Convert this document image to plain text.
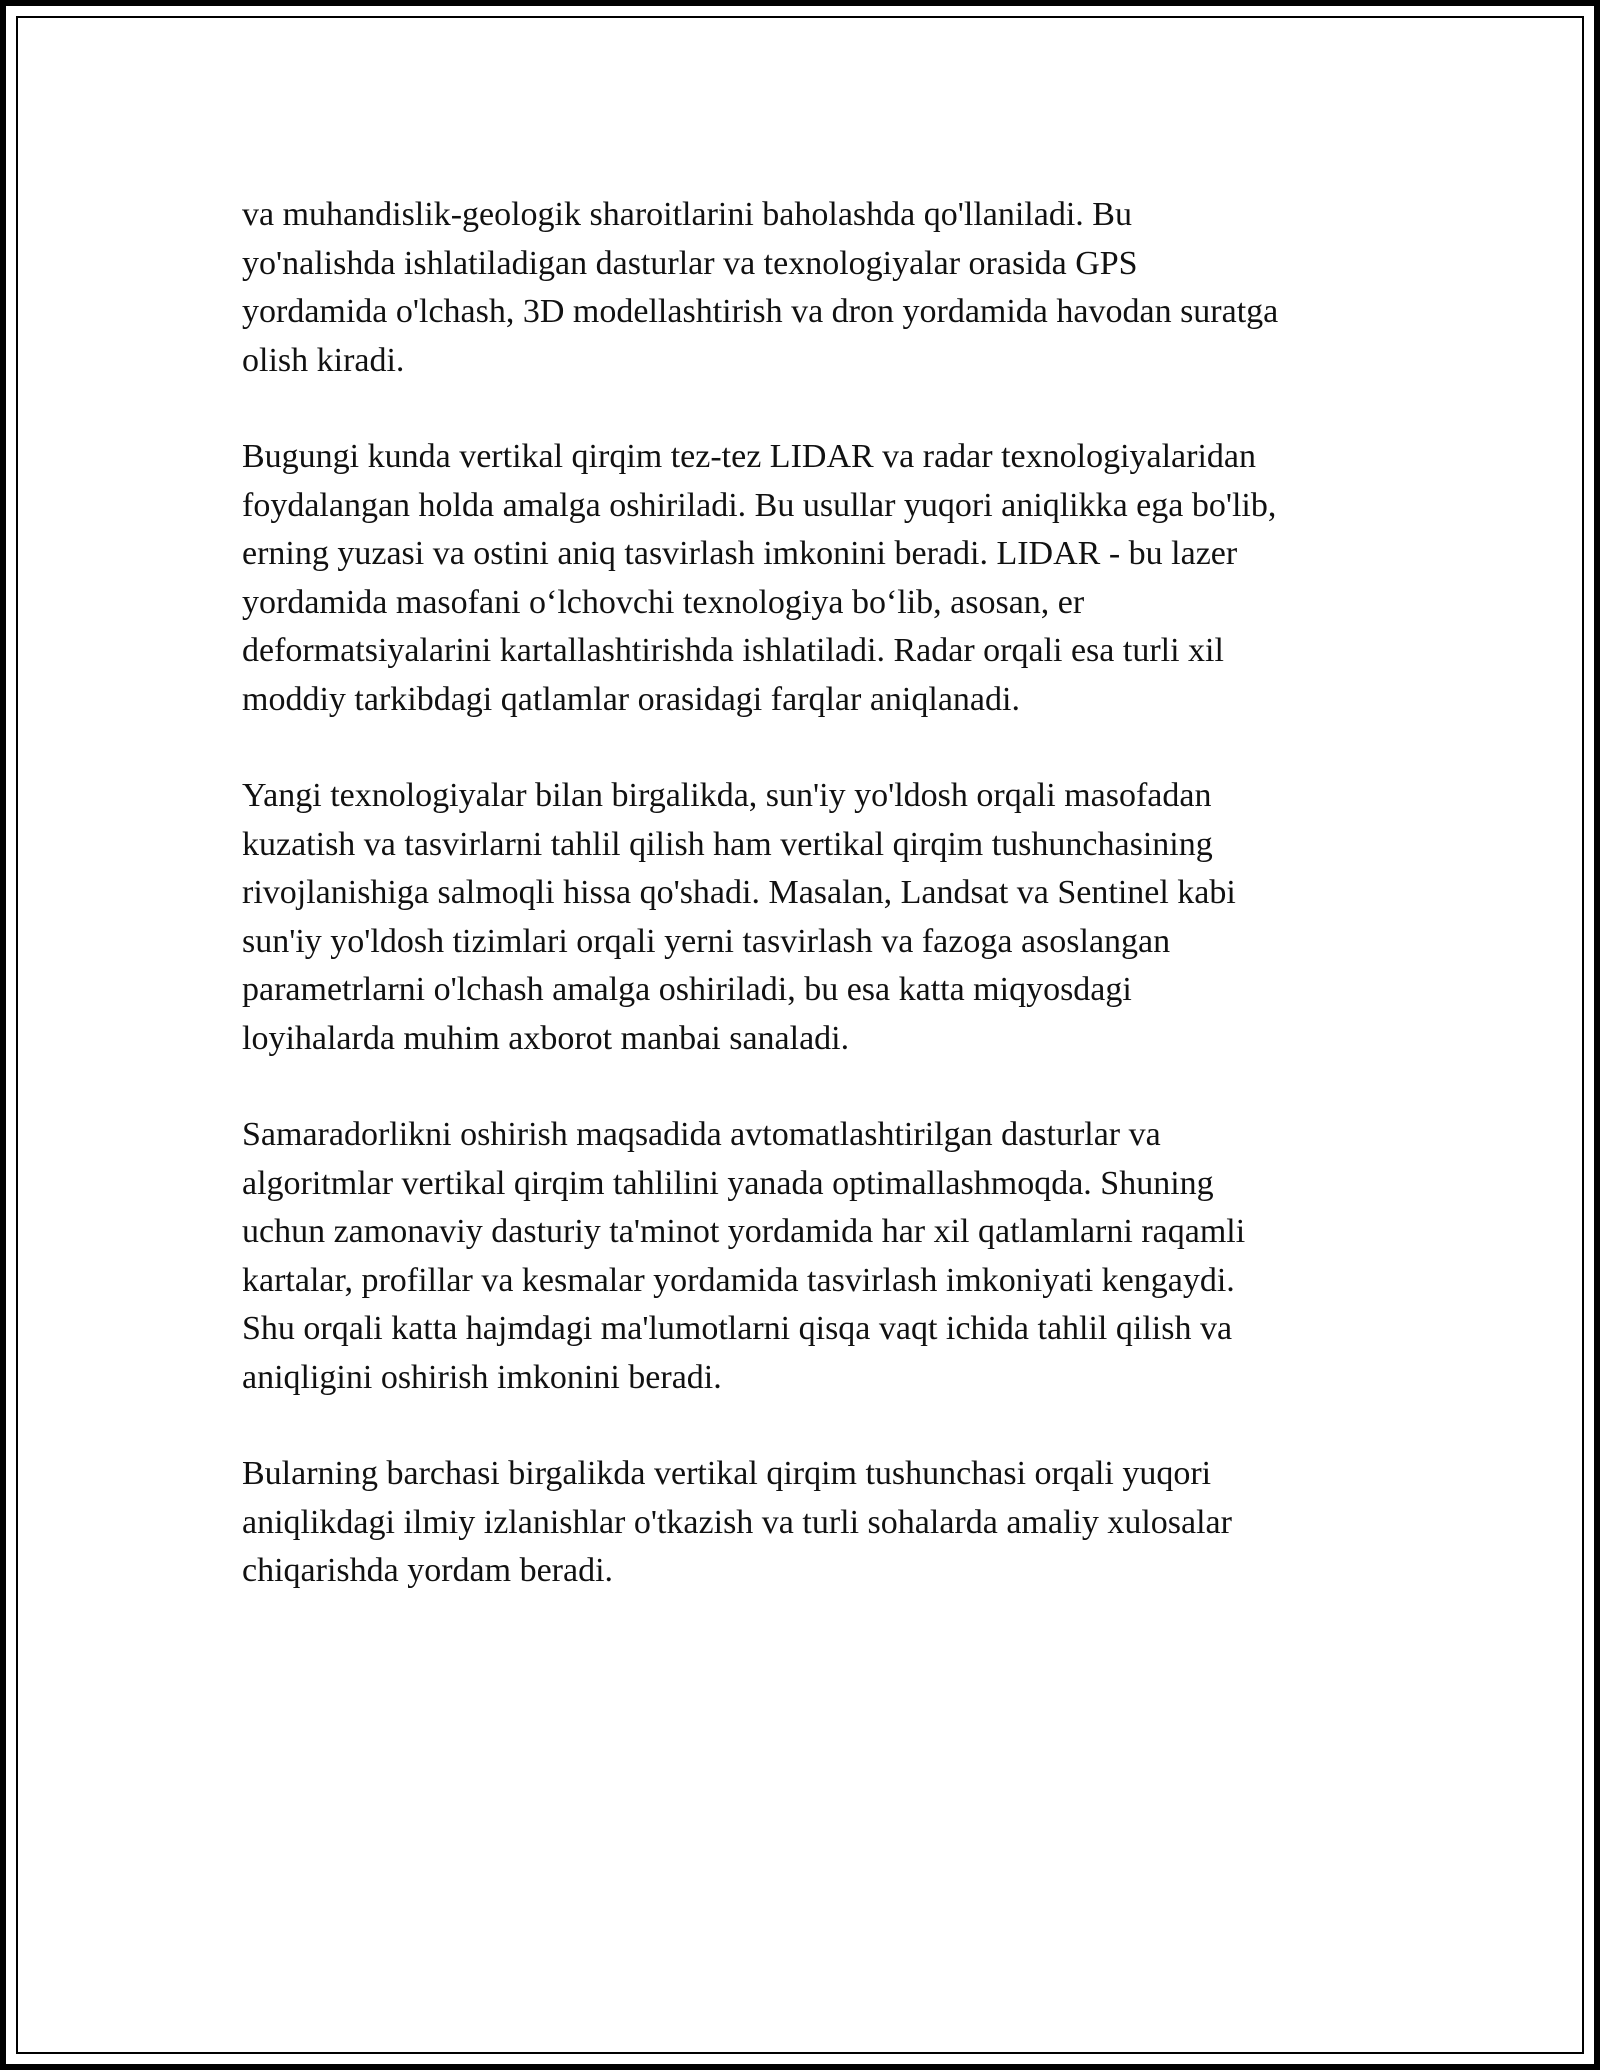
va muhandislik-geologik sharoitlarini baholashda qo'llaniladi. Bu
yo'nalishda ishlatiladigan dasturlar va texnologiyalar orasida GPS
yordamida o'lchash, 3D modellashtirish va dron yordamida havodan suratga
olish kiradi.

Bugungi kunda vertikal qirqim tez-tez LIDAR va radar texnologiyalaridan
foydalangan holda amalga oshiriladi. Bu usullar yuqori aniqlikka ega bo'lib,
erning yuzasi va ostini aniq tasvirlash imkonini beradi. LIDAR - bu lazer
yordamida masofani o‘lchovchi texnologiya bo‘lib, asosan, er
deformatsiyalarini kartallashtirishda ishlatiladi. Radar orqali esa turli xil
moddiy tarkibdagi qatlamlar orasidagi farqlar aniqlanadi.

Yangi texnologiyalar bilan birgalikda, sun'iy yo'ldosh orqali masofadan
kuzatish va tasvirlarni tahlil qilish ham vertikal qirqim tushunchasining
rivojlanishiga salmoqli hissa qo'shadi. Masalan, Landsat va Sentinel kabi
sun'iy yo'ldosh tizimlari orqali yerni tasvirlash va fazoga asoslangan
parametrlarni o'lchash amalga oshiriladi, bu esa katta miqyosdagi
loyihalarda muhim axborot manbai sanaladi.

Samaradorlikni oshirish maqsadida avtomatlashtirilgan dasturlar va
algoritmlar vertikal qirqim tahlilini yanada optimallashmoqda. Shuning
uchun zamonaviy dasturiy ta'minot yordamida har xil qatlamlarni raqamli
kartalar, profillar va kesmalar yordamida tasvirlash imkoniyati kengaydi.
Shu orqali katta hajmdagi ma'lumotlarni qisqa vaqt ichida tahlil qilish va
aniqligini oshirish imkonini beradi.

Bularning barchasi birgalikda vertikal qirqim tushunchasi orqali yuqori
aniqlikdagi ilmiy izlanishlar o'tkazish va turli sohalarda amaliy xulosalar
chiqarishda yordam beradi.
